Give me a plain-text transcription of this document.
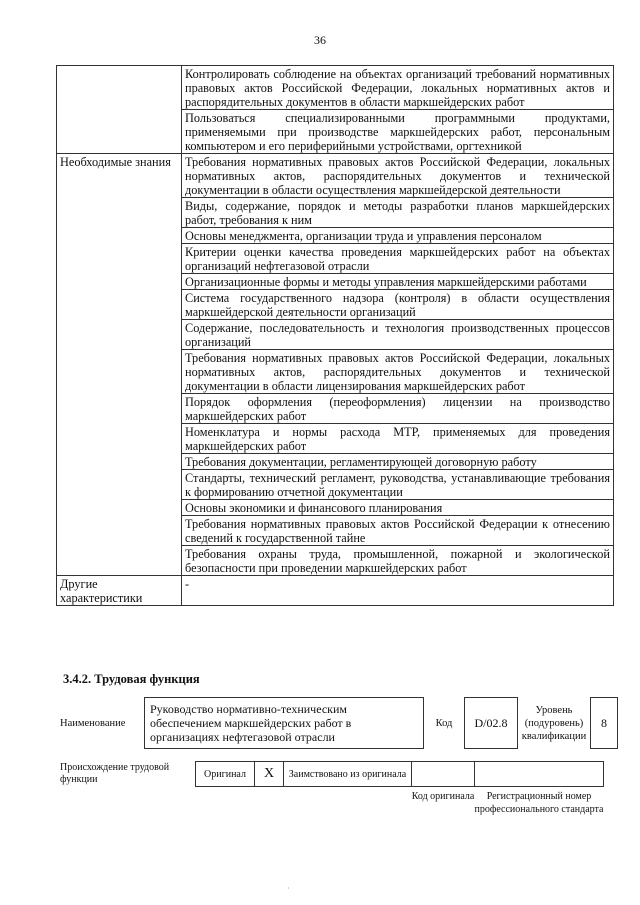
36
	Контролировать соблюдение на объектах организаций требований нормативных правовых актов Российской Федерации, локальных нормативных актов и распорядительных документов в области маркшейдерских работ
	Пользоваться специализированными программными продуктами, применяемыми при производстве маркшейдерских работ, персональным компьютером и его периферийными устройствами, оргтехникой
Необходимые знания	Требования нормативных правовых актов Российской Федерации, локальных нормативных актов, распорядительных документов и технической документации в области осуществления маркшейдерской деятельности
	Виды, содержание, порядок и методы разработки планов маркшейдерских работ, требования к ним
	Основы менеджмента, организации труда и управления персоналом
	Критерии оценки качества проведения маркшейдерских работ на объектах организаций нефтегазовой отрасли
	Организационные формы и методы управления маркшейдерскими работами
	Система государственного надзора (контроля) в области осуществления маркшейдерской деятельности организаций
	Содержание, последовательность и технология производственных процессов организаций
	Требования нормативных правовых актов Российской Федерации, локальных нормативных актов, распорядительных документов и технической документации в области лицензирования маркшейдерских работ
	Порядок оформления (переоформления) лицензии на производство маркшейдерских работ
	Номенклатура и нормы расхода МТР, применяемых для проведения маркшейдерских работ
	Требования документации, регламентирующей договорную работу
	Стандарты, технический регламент, руководства, устанавливающие требования к формированию отчетной документации
	Основы экономики и финансового планирования
	Требования нормативных правовых актов Российской Федерации к отнесению сведений к государственной тайне
	Требования охраны труда, промышленной, пожарной и экологической безопасности при проведении маркшейдерских работ
Другие характеристики	-
3.4.2. Трудовая функция
Наименование	Руководство нормативно-техническим обеспечением маркшейдерских работ в организациях нефтегазовой отрасли	Код	D/02.8	Уровень (подуровень) квалификации	8
Происхождение трудовой функции	Оригинал	X	Заимствовано из оригинала		
				Код оригинала	Регистрационный номер профессионального стандарта
·
